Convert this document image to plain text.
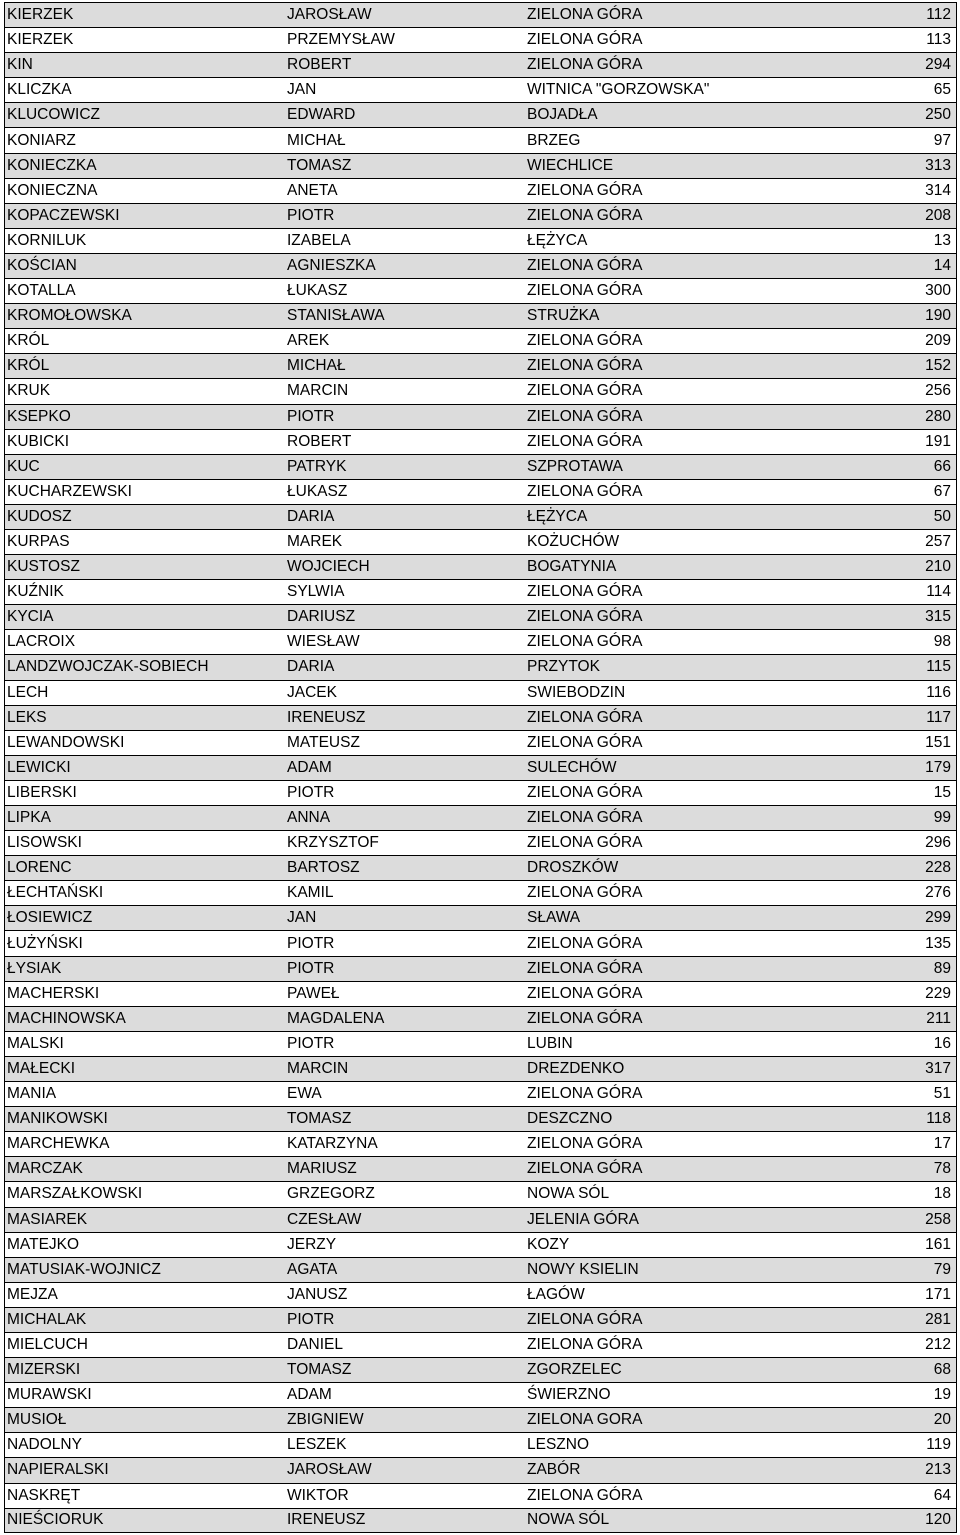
KIERZEK	JAROSŁAW	ZIELONA GÓRA	112
KIERZEK	PRZEMYSŁAW	ZIELONA GÓRA	113
KIN	ROBERT	ZIELONA GÓRA	294
KLICZKA	JAN	WITNICA "GORZOWSKA"	65
KLUCOWICZ	EDWARD	BOJADŁA	250
KONIARZ	MICHAŁ	BRZEG	97
KONIECZKA	TOMASZ	WIECHLICE	313
KONIECZNA	ANETA	ZIELONA GÓRA	314
KOPACZEWSKI	PIOTR	ZIELONA GÓRA	208
KORNILUK	IZABELA	ŁĘŻYCA	13
KOŚCIAN	AGNIESZKA	ZIELONA GÓRA	14
KOTALLA	ŁUKASZ	ZIELONA GÓRA	300
KROMOŁOWSKA	STANISŁAWA	STRUŻKA	190
KRÓL	AREK	ZIELONA GÓRA	209
KRÓL	MICHAŁ	ZIELONA GÓRA	152
KRUK	MARCIN	ZIELONA GÓRA	256
KSEPKO	PIOTR	ZIELONA GÓRA	280
KUBICKI	ROBERT	ZIELONA GÓRA	191
KUC	PATRYK	SZPROTAWA	66
KUCHARZEWSKI	ŁUKASZ	ZIELONA GÓRA	67
KUDOSZ	DARIA	ŁĘŻYCA	50
KURPAS	MAREK	KOŻUCHÓW	257
KUSTOSZ	WOJCIECH	BOGATYNIA	210
KUŹNIK	SYLWIA	ZIELONA GÓRA	114
KYCIA	DARIUSZ	ZIELONA GÓRA	315
LACROIX	WIESŁAW	ZIELONA GÓRA	98
LANDZWOJCZAK-SOBIECH	DARIA	PRZYTOK	115
LECH	JACEK	SWIEBODZIN	116
LEKS	IRENEUSZ	ZIELONA GÓRA	117
LEWANDOWSKI	MATEUSZ	ZIELONA GÓRA	151
LEWICKI	ADAM	SULECHÓW	179
LIBERSKI	PIOTR	ZIELONA GÓRA	15
LIPKA	ANNA	ZIELONA GÓRA	99
LISOWSKI	KRZYSZTOF	ZIELONA GÓRA	296
LORENC	BARTOSZ	DROSZKÓW	228
ŁECHTAŃSKI	KAMIL	ZIELONA GÓRA	276
ŁOSIEWICZ	JAN	SŁAWA	299
ŁUŻYŃSKI	PIOTR	ZIELONA GÓRA	135
ŁYSIAK	PIOTR	ZIELONA GÓRA	89
MACHERSKI	PAWEŁ	ZIELONA GÓRA	229
MACHINOWSKA	MAGDALENA	ZIELONA GÓRA	211
MALSKI	PIOTR	LUBIN	16
MAŁECKI	MARCIN	DREZDENKO	317
MANIA	EWA	ZIELONA GÓRA	51
MANIKOWSKI	TOMASZ	DESZCZNO	118
MARCHEWKA	KATARZYNA	ZIELONA GÓRA	17
MARCZAK	MARIUSZ	ZIELONA GÓRA	78
MARSZAŁKOWSKI	GRZEGORZ	NOWA SÓL	18
MASIAREK	CZESŁAW	JELENIA GÓRA	258
MATEJKO	JERZY	KOZY	161
MATUSIAK-WOJNICZ	AGATA	NOWY KSIELIN	79
MEJZA	JANUSZ	ŁAGÓW	171
MICHALAK	PIOTR	ZIELONA GÓRA	281
MIELCUCH	DANIEL	ZIELONA GÓRA	212
MIZERSKI	TOMASZ	ZGORZELEC	68
MURAWSKI	ADAM	ŚWIERZNO	19
MUSIOŁ	ZBIGNIEW	ZIELONA GORA	20
NADOLNY	LESZEK	LESZNO	119
NAPIERALSKI	JAROSŁAW	ZABÓR	213
NASKRĘT	WIKTOR	ZIELONA GÓRA	64
NIEŚCIORUK	IRENEUSZ	NOWA SÓL	120
